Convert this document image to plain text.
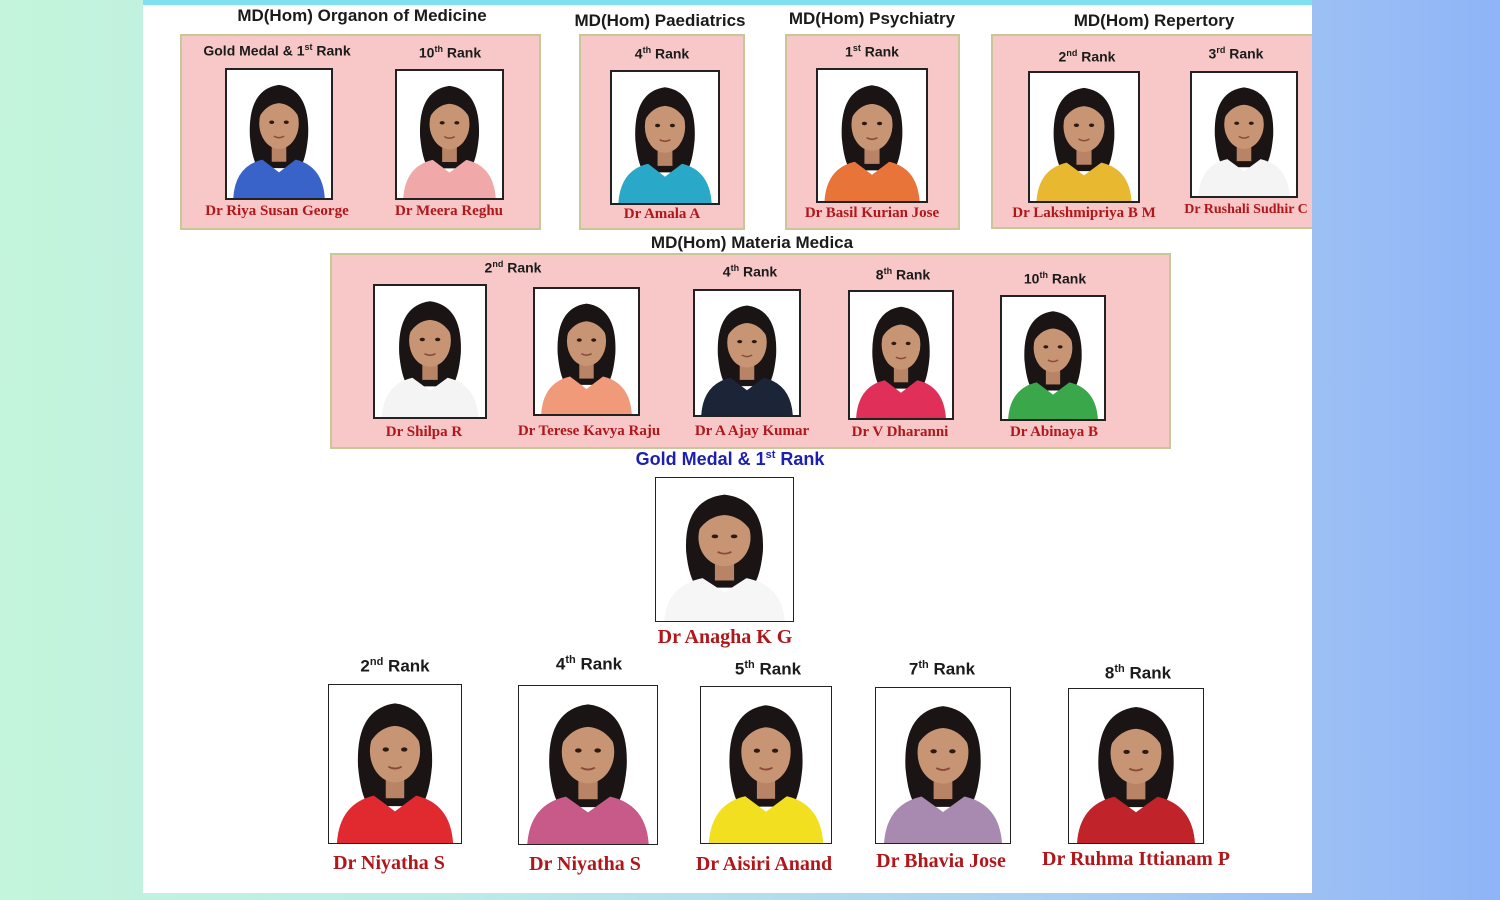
MD(Hom) Organon of Medicine
Gold Medal & 1st Rank
Dr Riya Susan George
10th Rank
Dr Meera Reghu
MD(Hom) Paediatrics
4th Rank
Dr Amala A
MD(Hom) Psychiatry
1st Rank
Dr Basil Kurian Jose
MD(Hom) Repertory
2nd Rank
Dr Lakshmipriya B M
3rd Rank
Dr Rushali Sudhir C
MD(Hom) Materia Medica
2nd Rank
Dr Shilpa R	Dr Terese Kavya Raju
4th Rank
Dr A Ajay Kumar
8th Rank
Dr V Dharanni
10th Rank
Dr Abinaya B
Gold Medal & 1st Rank
Dr Anagha K G
2nd Rank
Dr Niyatha S
4th Rank
Dr Niyatha S
5th Rank
Dr Aisiri Anand
7th Rank
Dr Bhavia Jose
8th Rank
Dr Ruhma Ittianam P
